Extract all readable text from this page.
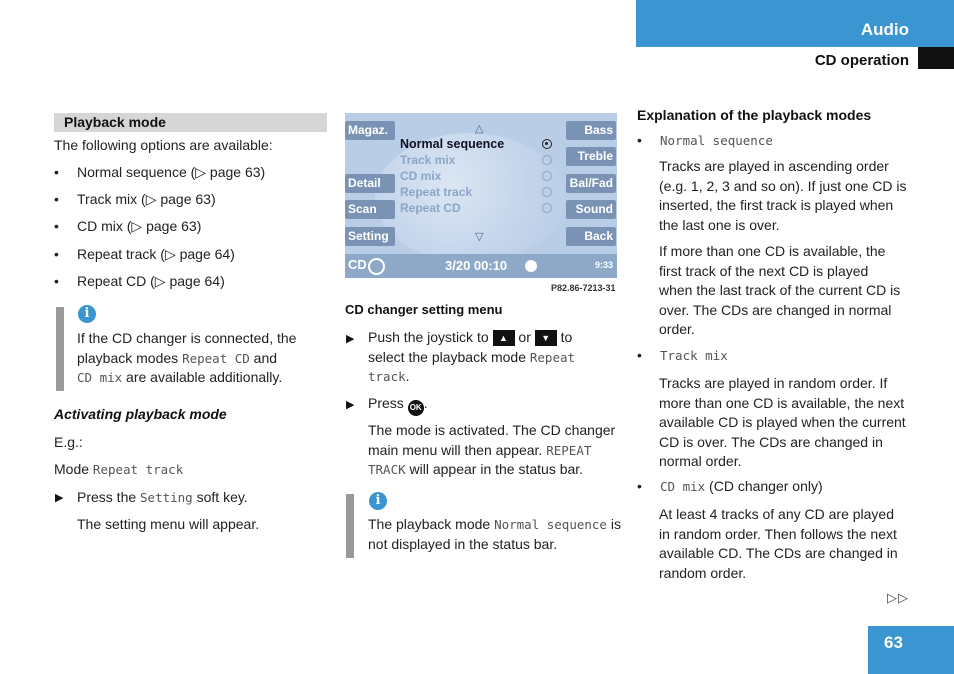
Audio
CD operation
Playback mode
The following options are available:
• Normal sequence (▷ page 63)
• Track mix (▷ page 63)
• CD mix (▷ page 63)
• Repeat track (▷ page 64)
• Repeat CD (▷ page 64)
i
If the CD changer is connected, the
playback modes Repeat CD and
CD mix are available additionally.
Activating playback mode
E.g.:
Mode Repeat track
▶ Press the Setting soft key.
The setting menu will appear.
Magaz.
Detail
Scan
Setting
Bass
Treble
Bal/Fad
Sound
Back
△
▽
Normal sequence
Track mix
CD mix
Repeat track
Repeat CD
CD	3/20 00:10	9:33
P82.86-7213-31
CD changer setting menu
▶ Push the joystick to ▲ or ▼ to
select the playback mode Repeat
track.
▶ Press OK .
The mode is activated. The CD changer
main menu will then appear. REPEAT
TRACK will appear in the status bar.
i
The playback mode Normal sequence is
not displayed in the status bar.
Explanation of the playback modes
• Normal sequence
Tracks are played in ascending order
(e.g. 1, 2, 3 and so on). If just one CD is
inserted, the first track is played when
the last one is over.
If more than one CD is available, the
first track of the next CD is played
when the last track of the current CD is
over. The CDs are changed in normal
order.
• Track mix
Tracks are played in random order. If
more than one CD is available, the next
available CD is played when the current
CD is over. The CDs are changed in
normal order.
• CD mix (CD changer only)
At least 4 tracks of any CD are played
in random order. Then follows the next
available CD. The CDs are changed in
random order.
▷▷
63
